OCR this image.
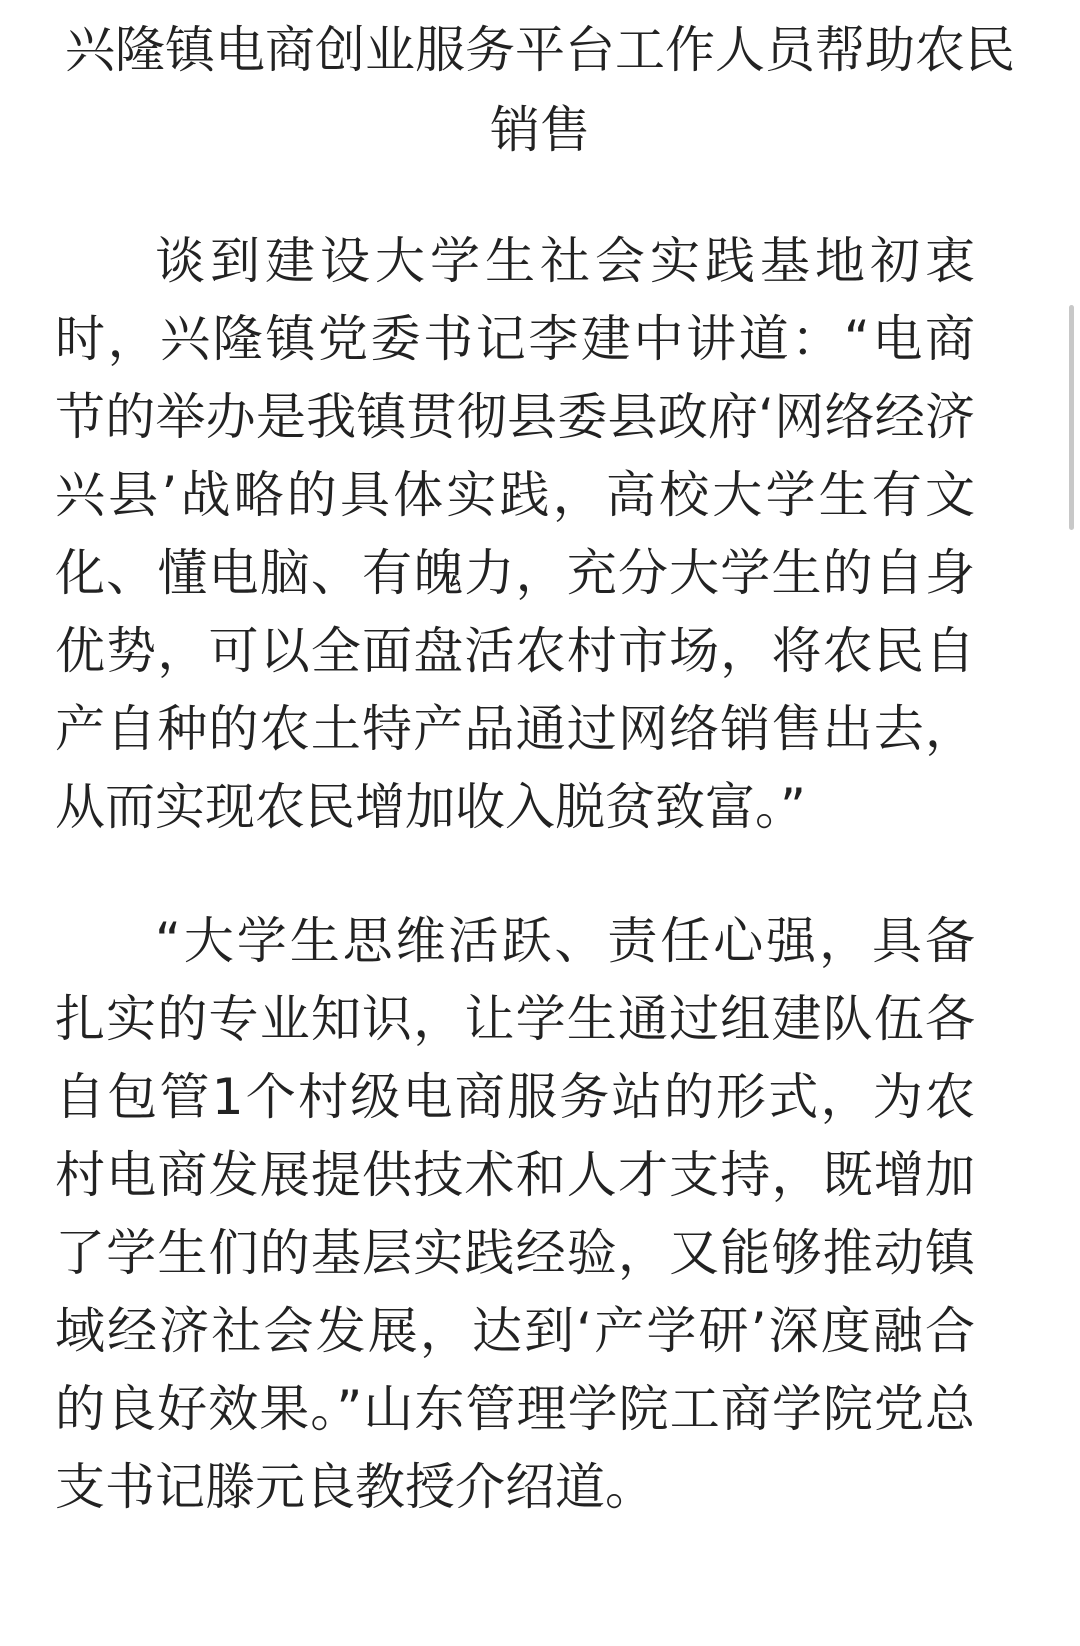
兴隆镇电商创业服务平台工作人员帮助农民销售

谈到建设大学生社会实践基地初衷时，兴隆镇党委书记李建中讲道：“电商节的举办是我镇贯彻县委县政府‘网络经济兴县’战略的具体实践，高校大学生有文化、懂电脑、有魄力，充分大学生的自身优势，可以全面盘活农村市场，将农民自产自种的农土特产品通过网络销售出去，从而实现农民增加收入脱贫致富。”

“大学生思维活跃、责任心强，具备扎实的专业知识，让学生通过组建队伍各自包管1个村级电商服务站的形式，为农村电商发展提供技术和人才支持，既增加了学生们的基层实践经验，又能够推动镇域经济社会发展，达到‘产学研’深度融合的良好效果。”山东管理学院工商学院党总支书记滕元良教授介绍道。
